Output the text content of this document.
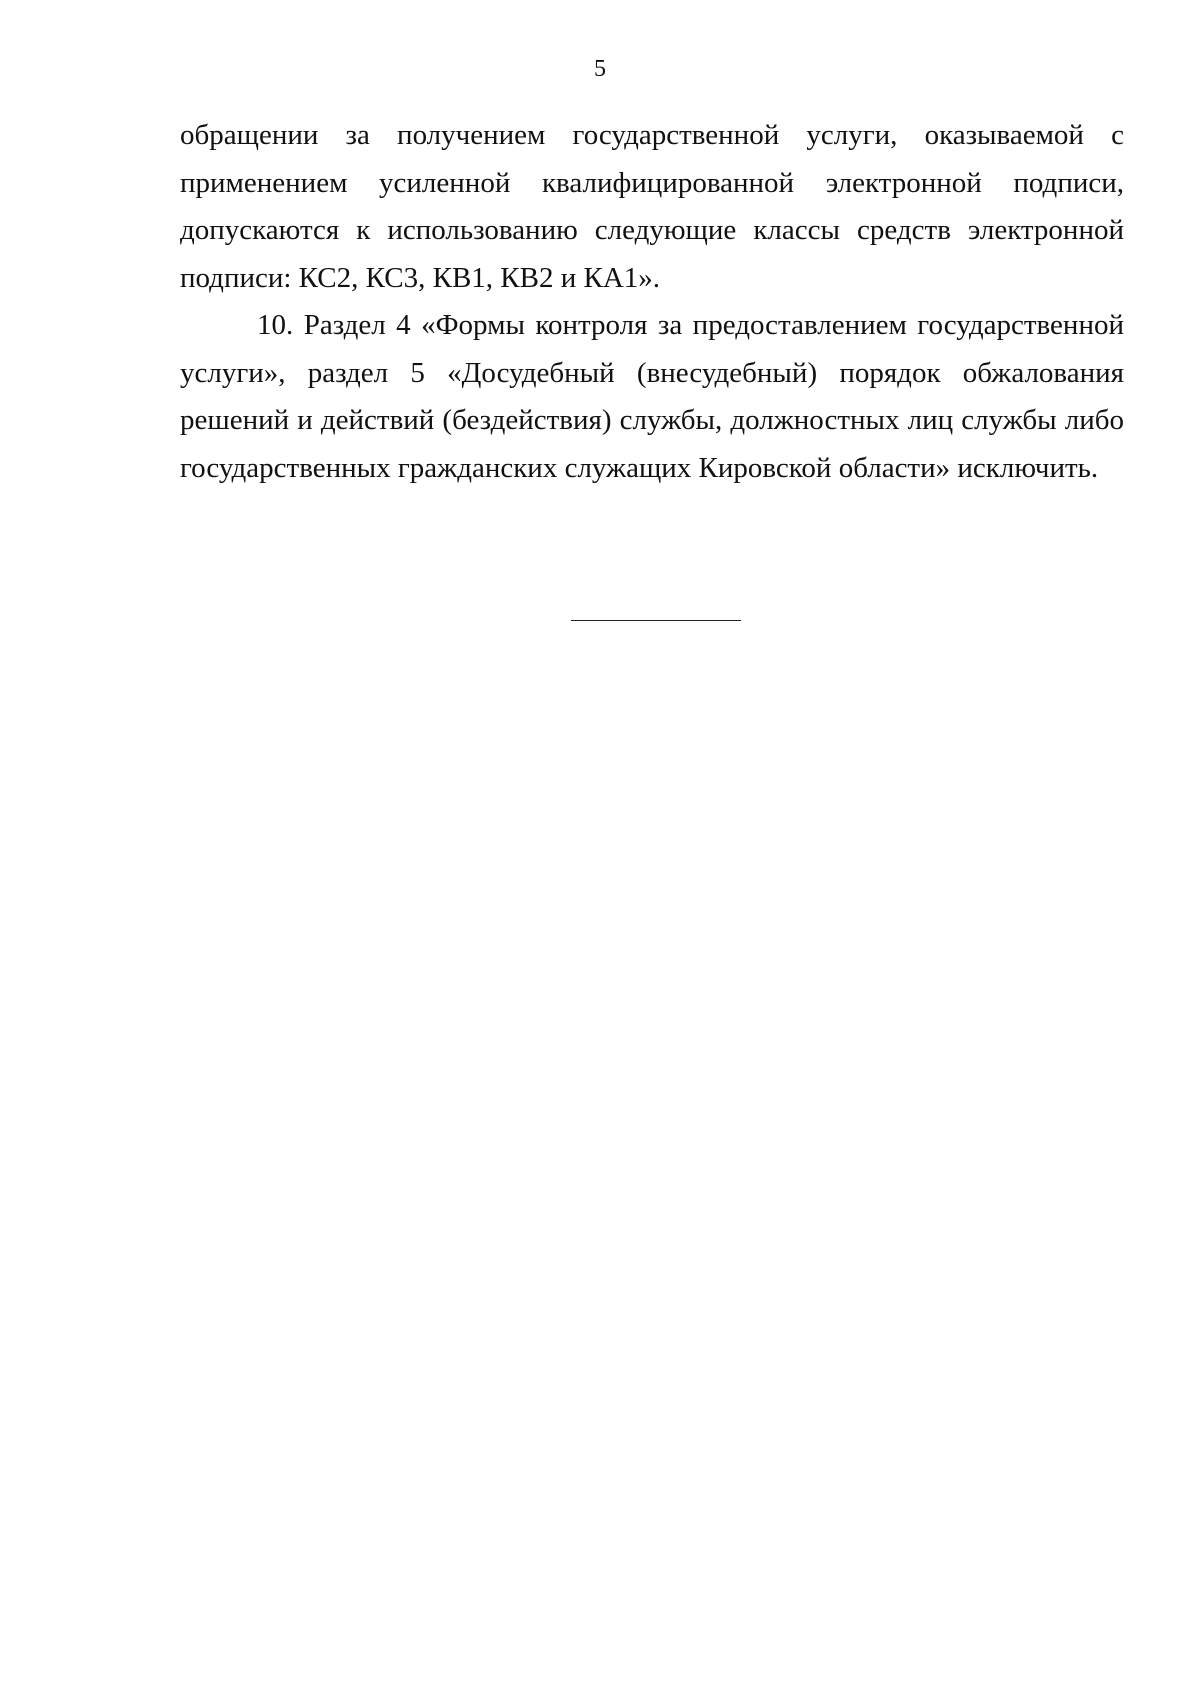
5
обращении за получением государственной услуги, оказываемой с
применением усиленной квалифицированной электронной подписи,
допускаются к использованию следующие классы средств электронной
подписи: КС2, КС3, КВ1, КВ2 и КА1».
10. Раздел 4 «Формы контроля за предоставлением государственной
услуги», раздел 5 «Досудебный (внесудебный) порядок обжалования
решений и действий (бездействия) службы, должностных лиц службы либо
государственных гражданских служащих Кировской области» исключить.
